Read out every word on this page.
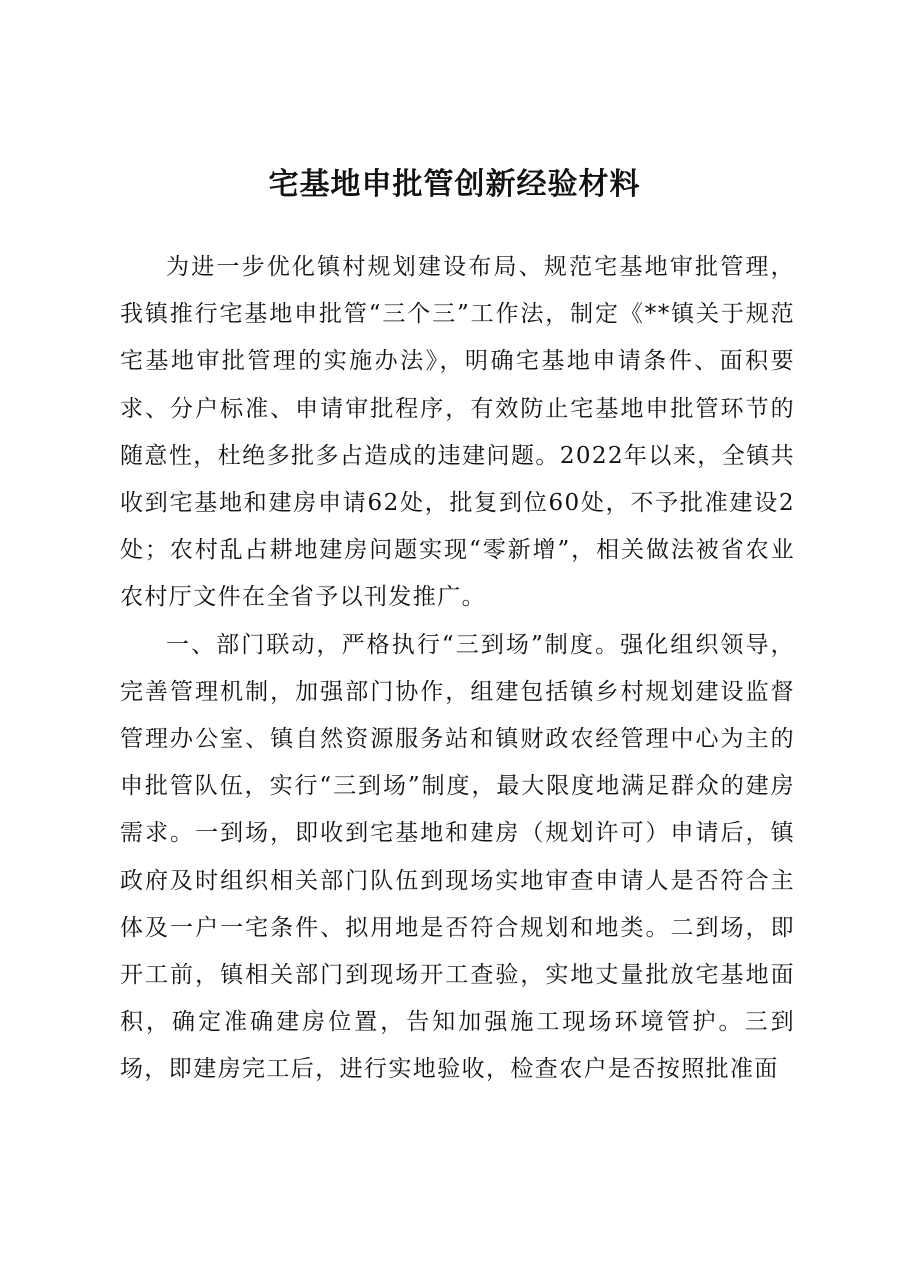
宅基地申批管创新经验材料

为进一步优化镇村规划建设布局、规范宅基地审批管理，我镇推行宅基地申批管“三个三”工作法，制定《**镇关于规范宅基地审批管理的实施办法》，明确宅基地申请条件、面积要求、分户标准、申请审批程序，有效防止宅基地申批管环节的随意性，杜绝多批多占造成的违建问题。2022年以来，全镇共收到宅基地和建房申请62处，批复到位60处，不予批准建设2处；农村乱占耕地建房问题实现“零新增”，相关做法被省农业农村厅文件在全省予以刊发推广。

一、部门联动，严格执行“三到场”制度。强化组织领导，完善管理机制，加强部门协作，组建包括镇乡村规划建设监督管理办公室、镇自然资源服务站和镇财政农经管理中心为主的申批管队伍，实行“三到场”制度，最大限度地满足群众的建房需求。一到场，即收到宅基地和建房（规划许可）申请后，镇政府及时组织相关部门队伍到现场实地审查申请人是否符合主体及一户一宅条件、拟用地是否符合规划和地类。二到场，即开工前，镇相关部门到现场开工查验，实地丈量批放宅基地面积，确定准确建房位置，告知加强施工现场环境管护。三到场，即建房完工后，进行实地验收，检查农户是否按照批准面
